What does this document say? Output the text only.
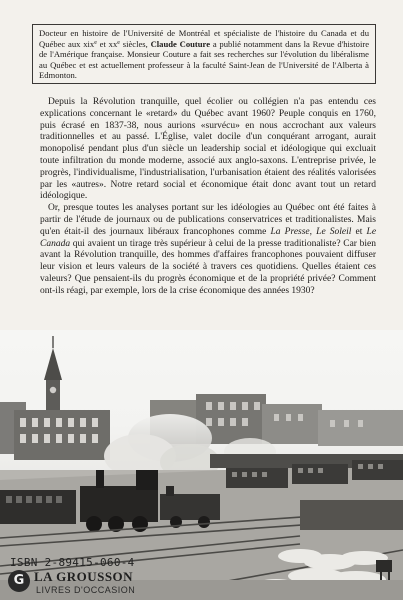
Docteur en histoire de l'Université de Montréal et spécialiste de l'histoire du Canada et du Québec aux xix$^e$ et $xx^e$ siècles, Claude Couture a publié notamment dans la Revue d'histoire de l'Amérique française. Monsieur Couture a fait ses recherches sur l'évolution du libéralisme au Québec et est actuellement professeur à la faculté Saint-Jean de l'Université de l'Alberta à Edmonton.

Depuis la Révolution tranquille, quel écolier ou collégien n'a pas entendu ces explications concernant le «retard» du Québec avant 1960? Peuple conquis en 1760, puis écrasé en 1837-38, nous aurions «survécu» en nous accrochant aux valeurs traditionnelles et au passé. L'Église, valet docile d'un conquérant arrogant, aurait monopolisé pendant plus d'un siècle un leadership social et idéologique qui excluait toute infiltration du monde moderne, associé aux anglo-saxons. L'entreprise privée, le progrès, l'individualisme, l'industrialisation, l'urbanisation étaient des réalités valorisées par les «autres». Notre retard social et économique était donc avant tout un retard idéologique.

Or, presque toutes les analyses portant sur les idéologies au Québec ont été faites à partir de l'étude de journaux ou de publications conservatrices et traditionalistes. Mais qu'en était-il des journaux libéraux francophones comme La Presse, Le Soleil et Le Canada qui avaient un tirage très supérieur à celui de la presse traditionaliste? Car bien avant la Révolution tranquille, des hommes d'affaires francophones pouvaient diffuser leur vision et leurs valeurs de la société à travers ces quotidiens. Quelles étaient ces valeurs? Que pensaient-ils du progrès économique et de la propriété privée? Comment ont-ils réagi, par exemple, lors de la crise économique des années 1930?

ISBN 2-89415-060-4
G LA GROUSSON
LIVRES D'OCCASION
